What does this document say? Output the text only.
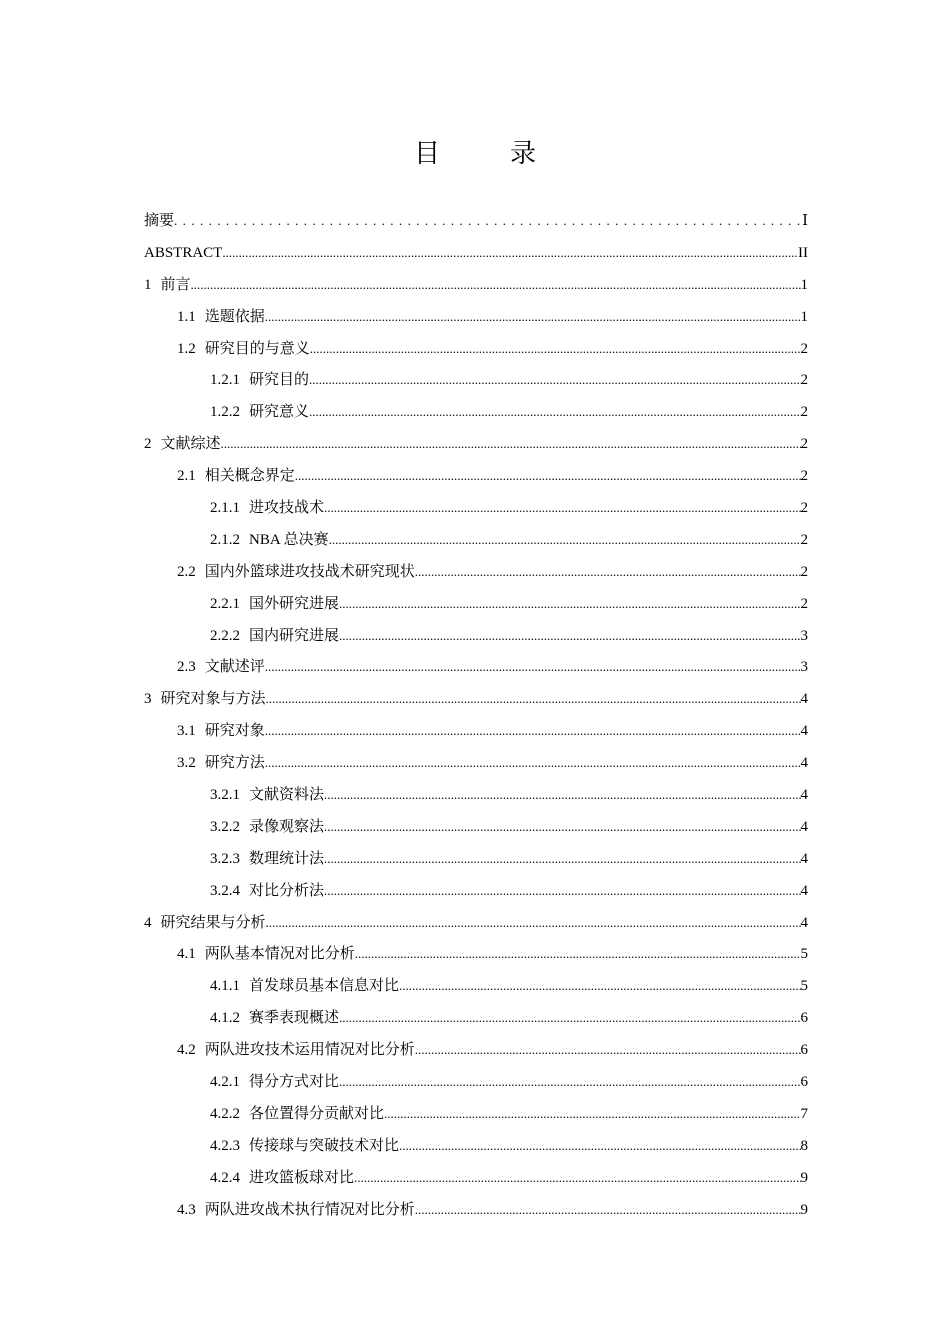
目　录
摘要 .....	Ⅰ
ABSTRACT .....	II
1 前言 .....	1
1.1 选题依据 .....	1
1.2 研究目的与意义 .....	2
1.2.1 研究目的 .....	2
1.2.2 研究意义 .....	2
2 文献综述 .....	2
2.1 相关概念界定 .....	2
2.1.1 进攻技战术 .....	2
2.1.2 NBA 总决赛 .....	2
2.2 国内外篮球进攻技战术研究现状 .....	2
2.2.1 国外研究进展 .....	2
2.2.2 国内研究进展 .....	3
2.3 文献述评 .....	3
3 研究对象与方法 .....	4
3.1 研究对象 .....	4
3.2 研究方法 .....	4
3.2.1 文献资料法 .....	4
3.2.2 录像观察法 .....	4
3.2.3 数理统计法 .....	4
3.2.4 对比分析法 .....	4
4 研究结果与分析 .....	4
4.1 两队基本情况对比分析 .....	5
4.1.1 首发球员基本信息对比 .....	5
4.1.2 赛季表现概述 .....	6
4.2 两队进攻技术运用情况对比分析 .....	6
4.2.1 得分方式对比 .....	6
4.2.2 各位置得分贡献对比 .....	7
4.2.3 传接球与突破技术对比 .....	8
4.2.4 进攻篮板球对比 .....	9
4.3 两队进攻战术执行情况对比分析 .....	9
